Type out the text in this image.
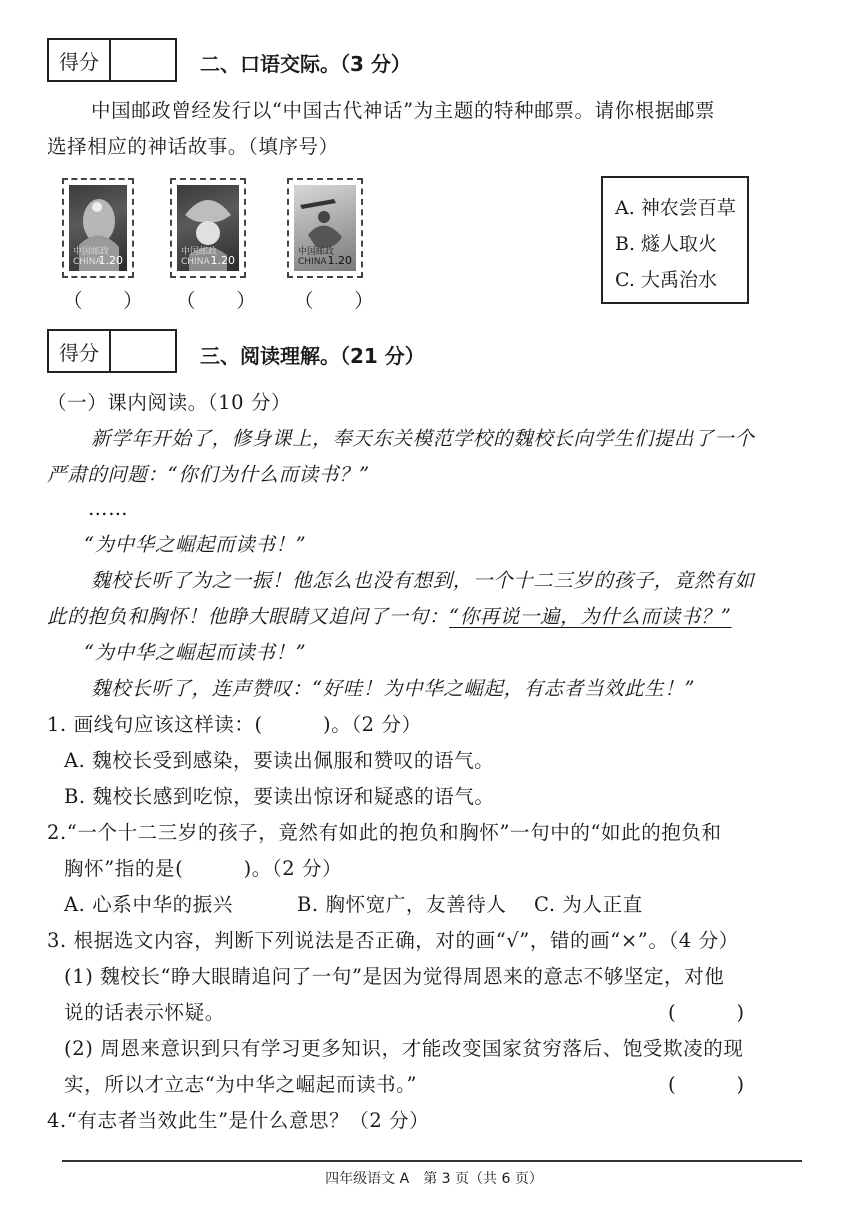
得分	二、口语交际。（3 分）
中国邮政曾经发行以“中国古代神话”为主题的特种邮票。请你根据邮票
选择相应的神话故事。（填序号）
中国邮政 CHINA
1.20
中国邮政 CHINA 1.20
中国邮政 CHINA 1.20
（　　） （　　） （　　）
A. 神农尝百草
B. 燧人取火
C. 大禹治水
得分	三、阅读理解。（21 分）
（一）课内阅读。（10 分）
新学年开始了，修身课上，奉天东关模范学校的魏校长向学生们提出了一个
严肃的问题：“你们为什么而读书？”
……
“为中华之崛起而读书！”
魏校长听了为之一振！他怎么也没有想到，一个十二三岁的孩子，竟然有如
此的抱负和胸怀！他睁大眼睛又追问了一句：“你再说一遍，为什么而读书？”
“为中华之崛起而读书！”
魏校长听了，连声赞叹：“好哇！为中华之崛起，有志者当效此生！”
1. 画线句应该这样读：(　　　)。（2 分）
A. 魏校长受到感染，要读出佩服和赞叹的语气。
B. 魏校长感到吃惊，要读出惊讶和疑惑的语气。
2.“一个十二三岁的孩子，竟然有如此的抱负和胸怀”一句中的“如此的抱负和
胸怀”指的是(　　　)。（2 分）
A. 心系中华的振兴	B. 胸怀宽广，友善待人 C. 为人正直
3. 根据选文内容，判断下列说法是否正确，对的画“√”，错的画“×”。（4 分）
(1) 魏校长“睁大眼睛追问了一句”是因为觉得周恩来的意志不够坚定，对他
说的话表示怀疑。	(　　　)
(2) 周恩来意识到只有学习更多知识，才能改变国家贫穷落后、饱受欺凌的现
实，所以才立志“为中华之崛起而读书。”	(　　　)
4.“有志者当效此生”是什么意思？（2 分）
四年级语文 A　第 3 页（共 6 页）
